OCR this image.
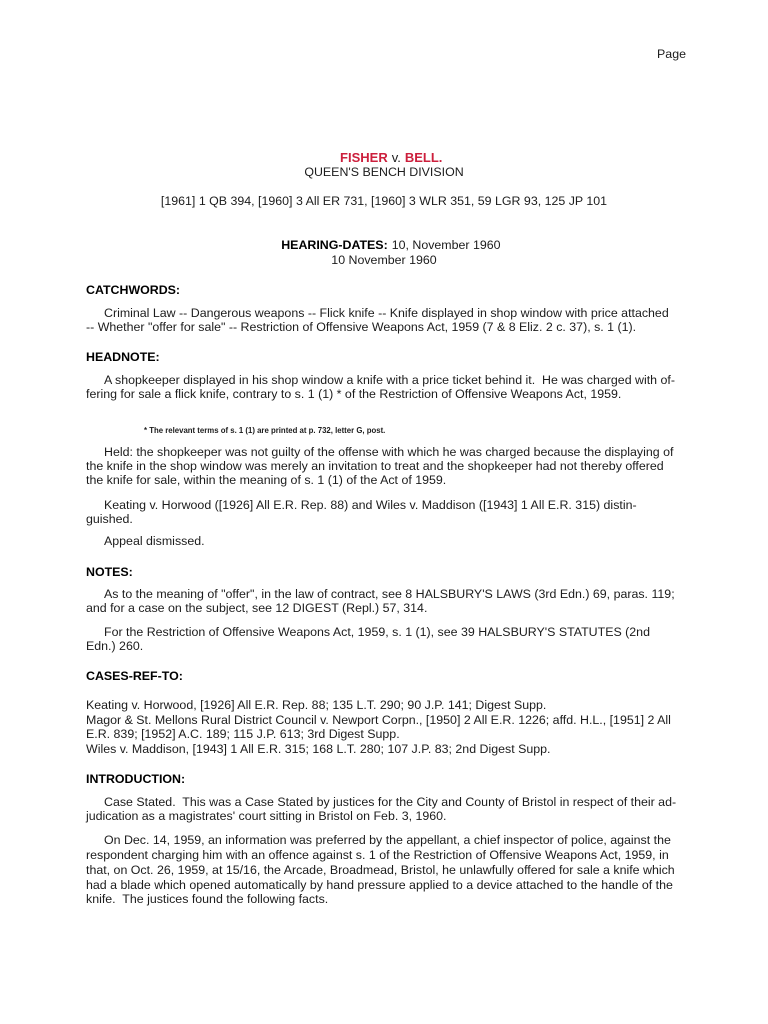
Page

FISHER v. BELL.

QUEEN'S BENCH DIVISION
[1961] 1 QB 394, [1960] 3 All ER 731, [1960] 3 WLR 351, 59 LGR 93, 125 JP 101

HEARING-DATES: 10, November 1960

10 November 1960
CATCHWORDS:
Criminal Law -- Dangerous weapons -- Flick knife -- Knife displayed in shop window with price attached
-- Whether "offer for sale" -- Restriction of Offensive Weapons Act, 1959 (7 & 8 Eliz. 2 c. 37), s. 1 (1).
HEADNOTE:
A shopkeeper displayed in his shop window a knife with a price ticket behind it.  He was charged with of-
fering for sale a flick knife, contrary to s. 1 (1) * of the Restriction of Offensive Weapons Act, 1959.
* The relevant terms of s. 1 (1) are printed at p. 732, letter G, post.
Held: the shopkeeper was not guilty of the offense with which he was charged because the displaying of
the knife in the shop window was merely an invitation to treat and the shopkeeper had not thereby offered
the knife for sale, within the meaning of s. 1 (1) of the Act of 1959.
Keating v. Horwood ([1926] All E.R. Rep. 88) and Wiles v. Maddison ([1943] 1 All E.R. 315) distin-
guished.
Appeal dismissed.
NOTES:
As to the meaning of "offer", in the law of contract, see 8 HALSBURY'S LAWS (3rd Edn.) 69, paras. 119;
and for a case on the subject, see 12 DIGEST (Repl.) 57, 314.
For the Restriction of Offensive Weapons Act, 1959, s. 1 (1), see 39 HALSBURY'S STATUTES (2nd
Edn.) 260.
CASES-REF-TO:
Keating v. Horwood, [1926] All E.R. Rep. 88; 135 L.T. 290; 90 J.P. 141; Digest Supp.
Magor & St. Mellons Rural District Council v. Newport Corpn., [1950] 2 All E.R. 1226; affd. H.L., [1951] 2 All
E.R. 839; [1952] A.C. 189; 115 J.P. 613; 3rd Digest Supp.
Wiles v. Maddison, [1943] 1 All E.R. 315; 168 L.T. 280; 107 J.P. 83; 2nd Digest Supp.
INTRODUCTION:
Case Stated.  This was a Case Stated by justices for the City and County of Bristol in respect of their ad-
judication as a magistrates' court sitting in Bristol on Feb. 3, 1960.
On Dec. 14, 1959, an information was preferred by the appellant, a chief inspector of police, against the
respondent charging him with an offence against s. 1 of the Restriction of Offensive Weapons Act, 1959, in
that, on Oct. 26, 1959, at 15/16, the Arcade, Broadmead, Bristol, he unlawfully offered for sale a knife which
had a blade which opened automatically by hand pressure applied to a device attached to the handle of the
knife.  The justices found the following facts.
